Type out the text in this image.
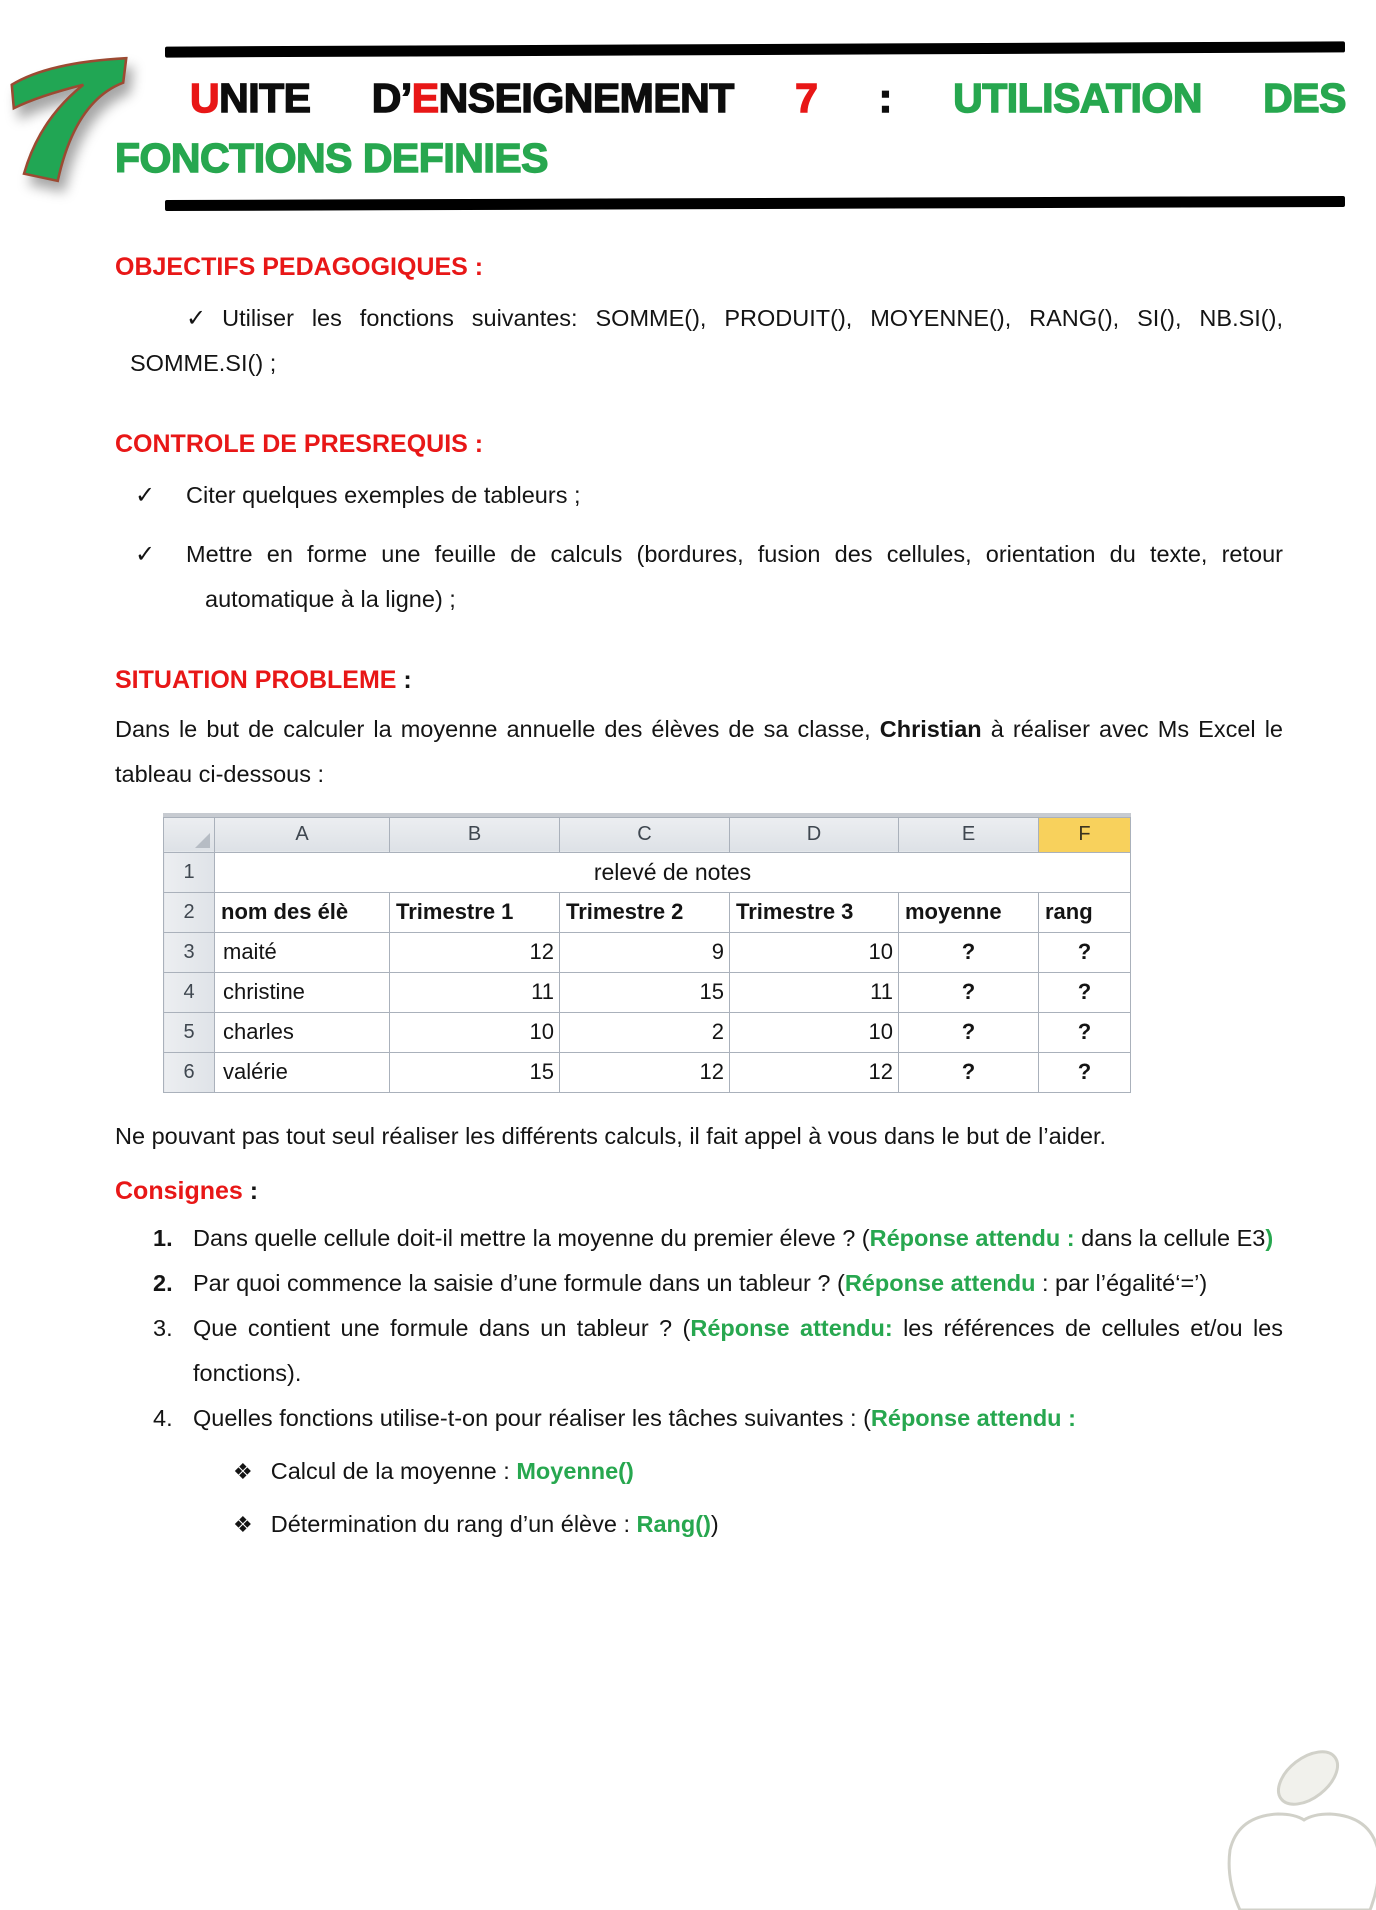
UNITE D’ENSEIGNEMENT 7 : UTILISATION DES
FONCTIONS DEFINIES
OBJECTIFS PEDAGOGIQUES :
✓ Utiliser les fonctions suivantes: SOMME(), PRODUIT(), MOYENNE(), RANG(), SI(), NB.SI(), SOMME.SI() ;
CONTROLE DE PRESREQUIS :
✓ Citer quelques exemples de tableurs ;
✓ Mettre en forme une feuille de calculs (bordures, fusion des cellules, orientation du texte, retour automatique à la ligne) ;
SITUATION PROBLEME :
Dans le but de calculer la moyenne annuelle des élèves de sa classe, Christian à réaliser avec Ms Excel le tableau ci-dessous :
	A	B	C	D	E	F
1	relevé de notes					
2	nom des élè	Trimestre 1	Trimestre 2	Trimestre 3	moyenne	rang
3	maité	12	9	10	?	?
4	christine	11	15	11	?	?
5	charles	10	2	10	?	?
6	valérie	15	12	12	?	?
Ne pouvant pas tout seul réaliser les différents calculs, il fait appel à vous dans le but de l’aider.
Consignes :
1. Dans quelle cellule doit-il mettre la moyenne du premier éleve ? (Réponse attendu : dans la cellule E3)
2. Par quoi commence la saisie d’une formule dans un tableur ? (Réponse attendu : par l’égalité‘=’)
3. Que contient une formule dans un tableur ? (Réponse attendu: les références de cellules et/ou les fonctions).
4. Quelles fonctions utilise-t-on pour réaliser les tâches suivantes : (Réponse attendu :
❖ Calcul de la moyenne : Moyenne()
❖ Détermination du rang d’un élève : Rang())
